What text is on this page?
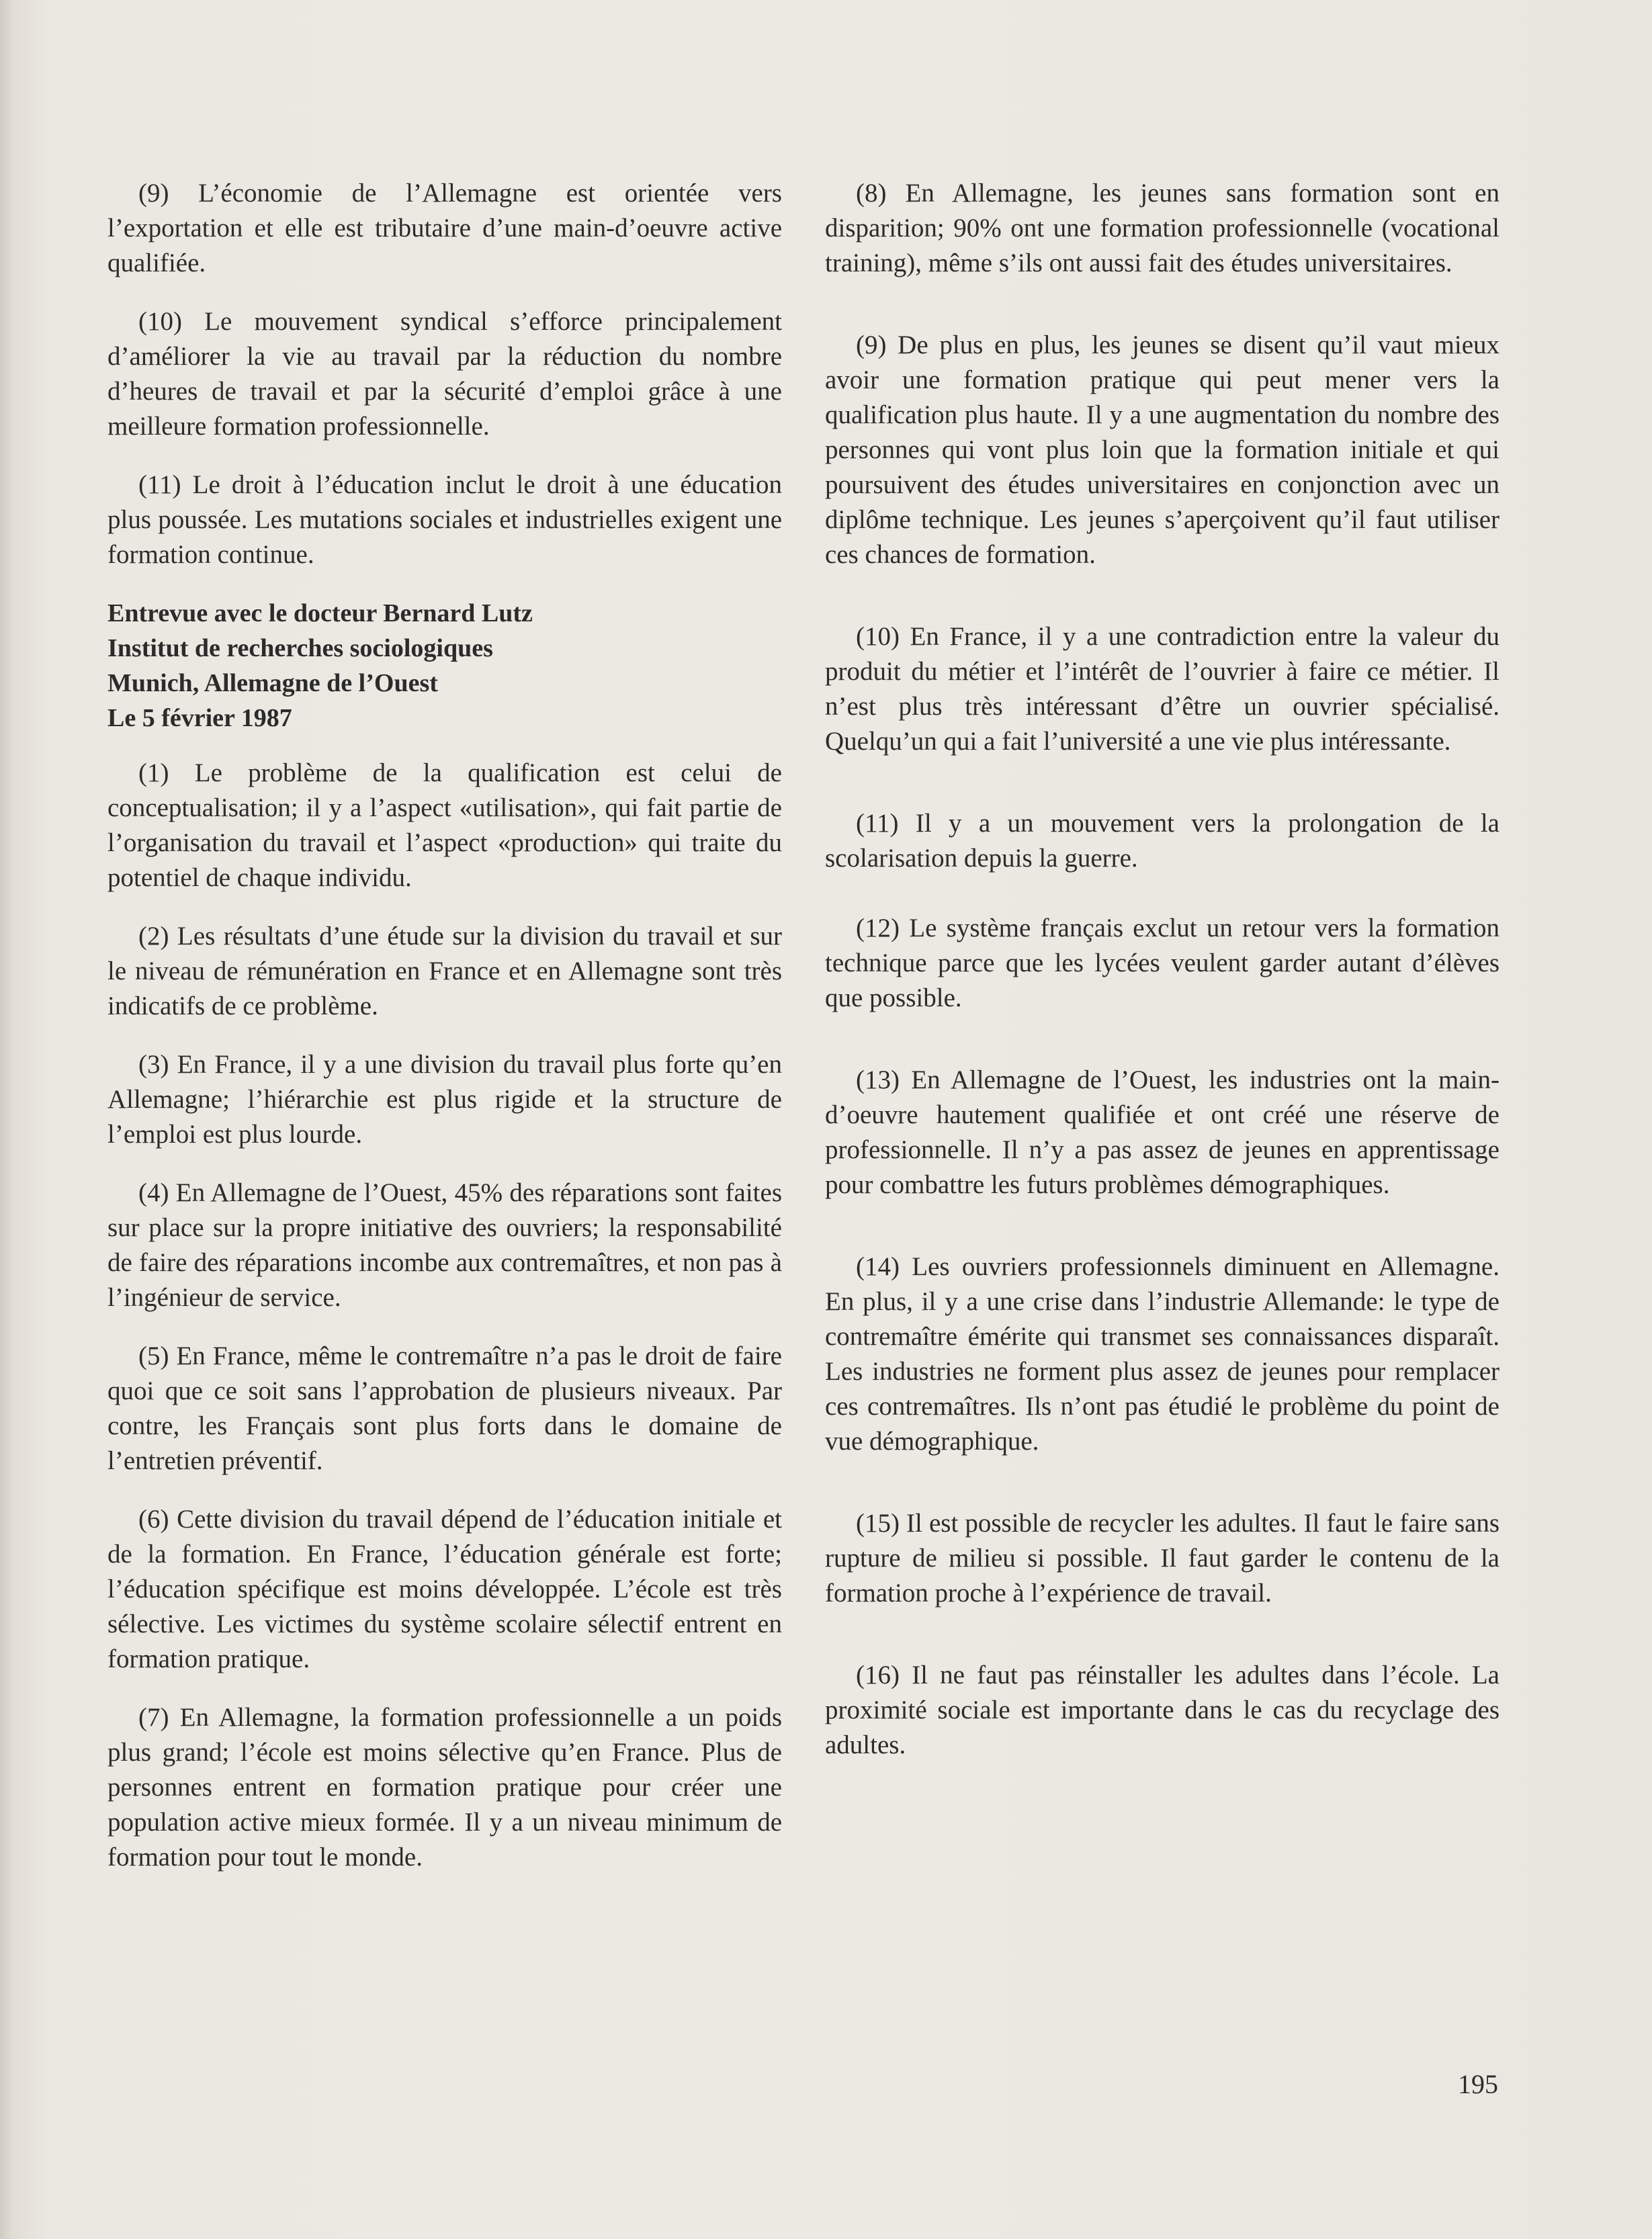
(9) L’économie de l’Allemagne est orientée vers l’exportation et elle est tributaire d’une main-d’oeuvre active qualifiée.

(10) Le mouvement syndical s’efforce principalement d’améliorer la vie au travail par la réduction du nombre d’heures de travail et par la sécurité d’emploi grâce à une meilleure formation professionnelle.

(11) Le droit à l’éducation inclut le droit à une éducation plus poussée. Les mutations sociales et industrielles exigent une formation continue.

Entrevue avec le docteur Bernard Lutz
Institut de recherches sociologiques
Munich, Allemagne de l’Ouest
Le 5 février 1987

(1) Le problème de la qualification est celui de conceptualisation; il y a l’aspect «utilisation», qui fait partie de l’organisation du travail et l’aspect «production» qui traite du potentiel de chaque individu.

(2) Les résultats d’une étude sur la division du travail et sur le niveau de rémunération en France et en Allemagne sont très indicatifs de ce problème.

(3) En France, il y a une division du travail plus forte qu’en Allemagne; l’hiérarchie est plus rigide et la structure de l’emploi est plus lourde.

(4) En Allemagne de l’Ouest, 45% des réparations sont faites sur place sur la propre initiative des ouvriers; la responsabilité de faire des réparations incombe aux contremaîtres, et non pas à l’ingénieur de service.

(5) En France, même le contremaître n’a pas le droit de faire quoi que ce soit sans l’approbation de plusieurs niveaux. Par contre, les Français sont plus forts dans le domaine de l’entretien préventif.

(6) Cette division du travail dépend de l’éducation initiale et de la formation. En France, l’éducation générale est forte; l’éducation spécifique est moins développée. L’école est très sélective. Les victimes du système scolaire sélectif entrent en formation pratique.

(7) En Allemagne, la formation professionnelle a un poids plus grand; l’école est moins sélective qu’en France. Plus de personnes entrent en formation pratique pour créer une population active mieux formée. Il y a un niveau minimum de formation pour tout le monde.

(8) En Allemagne, les jeunes sans formation sont en disparition; 90% ont une formation professionnelle (vocational training), même s’ils ont aussi fait des études universitaires.

(9) De plus en plus, les jeunes se disent qu’il vaut mieux avoir une formation pratique qui peut mener vers la qualification plus haute. Il y a une augmentation du nombre des personnes qui vont plus loin que la formation initiale et qui poursuivent des études universitaires en conjonction avec un diplôme technique. Les jeunes s’aperçoivent qu’il faut utiliser ces chances de formation.

(10) En France, il y a une contradiction entre la valeur du produit du métier et l’intérêt de l’ouvrier à faire ce métier. Il n’est plus très intéressant d’être un ouvrier spécialisé. Quelqu’un qui a fait l’université a une vie plus intéressante.

(11) Il y a un mouvement vers la prolongation de la scolarisation depuis la guerre.

(12) Le système français exclut un retour vers la formation technique parce que les lycées veulent garder autant d’élèves que possible.

(13) En Allemagne de l’Ouest, les industries ont la main-d’oeuvre hautement qualifiée et ont créé une réserve de professionnelle. Il n’y a pas assez de jeunes en apprentissage pour combattre les futurs problèmes démographiques.

(14) Les ouvriers professionnels diminuent en Allemagne. En plus, il y a une crise dans l’industrie Allemande: le type de contremaître émérite qui transmet ses connaissances disparaît. Les industries ne forment plus assez de jeunes pour remplacer ces contremaîtres. Ils n’ont pas étudié le problème du point de vue démographique.

(15) Il est possible de recycler les adultes. Il faut le faire sans rupture de milieu si possible. Il faut garder le contenu de la formation proche à l’expérience de travail.

(16) Il ne faut pas réinstaller les adultes dans l’école. La proximité sociale est importante dans le cas du recyclage des adultes.

195
